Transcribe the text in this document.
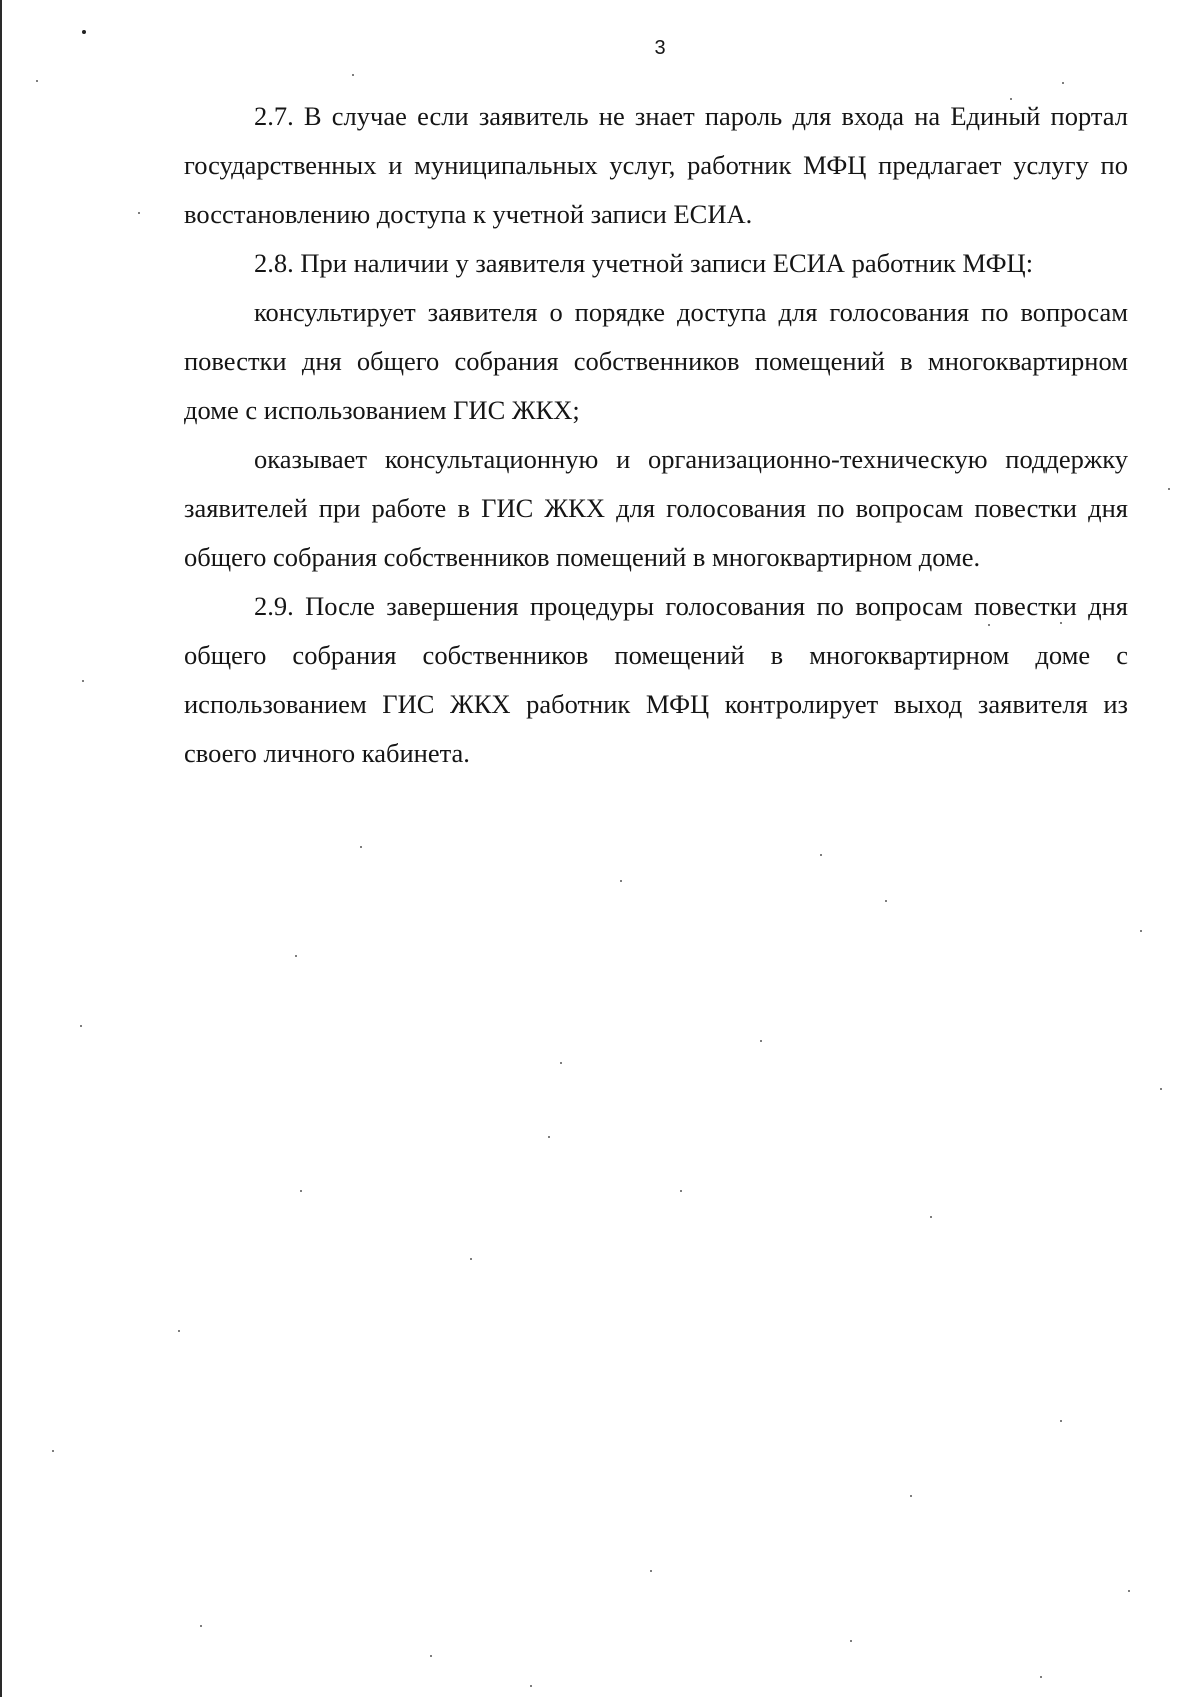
3

2.7. В случае если заявитель не знает пароль для входа на Единый портал государственных и муниципальных услуг, работник МФЦ предлагает услугу по восстановлению доступа к учетной записи ЕСИА.

2.8. При наличии у заявителя учетной записи ЕСИА работник МФЦ:

консультирует заявителя о порядке доступа для голосования по вопросам повестки дня общего собрания собственников помещений в многоквартирном доме с использованием ГИС ЖКХ;

оказывает консультационную и организационно-техническую поддержку заявителей при работе в ГИС ЖКХ для голосования по вопросам повестки дня общего собрания собственников помещений в многоквартирном доме.

2.9. После завершения процедуры голосования по вопросам повестки дня общего собрания собственников помещений в многоквартирном доме с использованием ГИС ЖКХ работник МФЦ контролирует выход заявителя из своего личного кабинета.
